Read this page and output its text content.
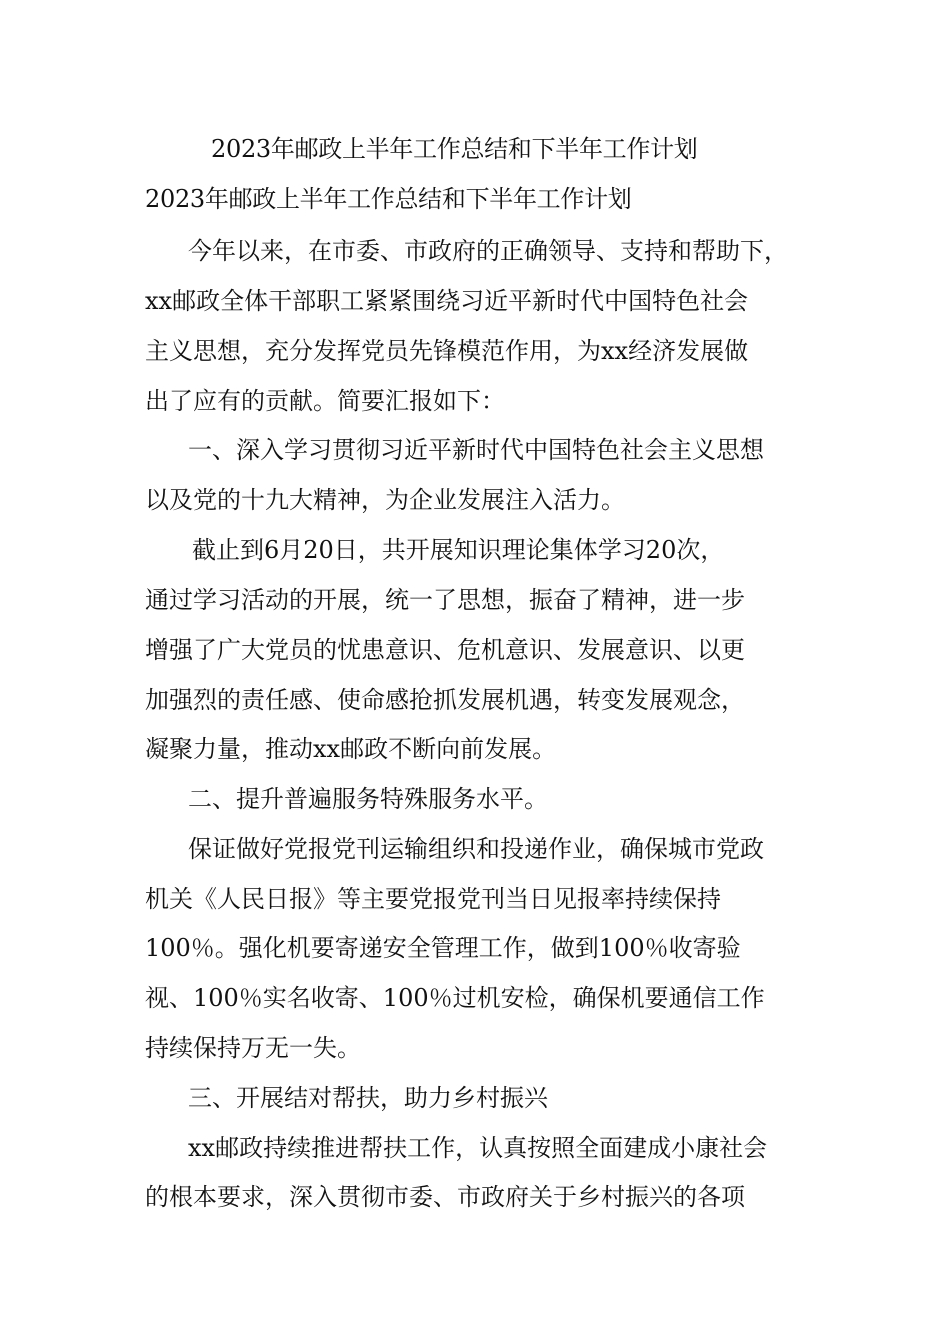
2023年邮政上半年工作总结和下半年工作计划
2023年邮政上半年工作总结和下半年工作计划
今年以来，在市委、市政府的正确领导、支持和帮助下，
xx邮政全体干部职工紧紧围绕习近平新时代中国特色社会
主义思想，充分发挥党员先锋模范作用，为xx经济发展做
出了应有的贡献。简要汇报如下：
一、深入学习贯彻习近平新时代中国特色社会主义思想
以及党的十九大精神，为企业发展注入活力。
截止到6月20日，共开展知识理论集体学习20次，
通过学习活动的开展，统一了思想，振奋了精神，进一步
增强了广大党员的忧患意识、危机意识、发展意识、以更
加强烈的责任感、使命感抢抓发展机遇，转变发展观念，
凝聚力量，推动xx邮政不断向前发展。
二、提升普遍服务特殊服务水平。
保证做好党报党刊运输组织和投递作业，确保城市党政
机关《人民日报》等主要党报党刊当日见报率持续保持
100％。强化机要寄递安全管理工作，做到100％收寄验
视、100％实名收寄、100％过机安检，确保机要通信工作
持续保持万无一失。
三、开展结对帮扶，助力乡村振兴
xx邮政持续推进帮扶工作，认真按照全面建成小康社会
的根本要求，深入贯彻市委、市政府关于乡村振兴的各项
